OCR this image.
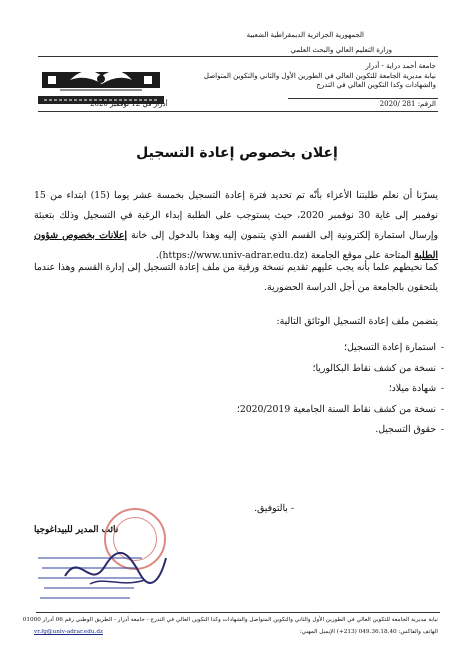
الجمهورية الجزائرية الديمقراطية الشعبية
وزارة التعليم العالي والبحث العلمي
جامعة أحمد دراية - أدرار
نيابة مديرية الجامعة للتكوين العالي في الطورين الأول والثاني والتكوين المتواصل والشهادات وكذا التكوين العالي في التدرج
أدرار في 12 نوفمبر 2020	الرقم: 281 /2020
إعلان بخصوص إعادة التسجيل

يسرّنا أن نعلم طلبتنا الأعزاء بأنّه تم تحديد فترة إعادة التسجيل بخمسة عشر يوما (15) ابتداء من 15 نوفمبر إلى غاية 30 نوفمبر 2020، حيث يستوجب على الطلبة إبداء الرغبة في التسجيل وذلك بتعبئة وإرسال استمارة إلكترونية إلى القسم الذي يتنمون إليه وهذا بالدخول إلى خانة إعلانات بخصوص شؤون الطلبة المتاحة على موقع الجامعة (https://www.univ-adrar.edu.dz).

كما نحيطهم علما بأنه يجب عليهم تقديم نسخة ورقية من ملف إعادة التسجيل إلى إدارة القسم وهذا عندما يلتحقون بالجامعة من أجل الدراسة الحضورية.

يتضمن ملف إعادة التسجيل الوثائق التالية:
- استمارة إعادة التسجيل؛
- نسخة من كشف نقاط البكالوريا؛
- شهادة ميلاد؛
- نسخة من كشف نقاط السنة الجامعية 2020/2019؛
- حقوق التسجيل.
- بالتوفيق.
نائب المدير للبيداغوجيا
نيابة مديرية الجامعة للتكوين العالي في الطورين الأول والثاني والتكوين المتواصل والشهادات وكذا التكوين العالي في التدرج - جامعة أدرار - الطريق الوطني رقم 06 أدرار 01000
الهاتف والفاكس: 049.36.18.40 (213+) الإيميل المهني:
vr.fg@univ-adrar.edu.dz
